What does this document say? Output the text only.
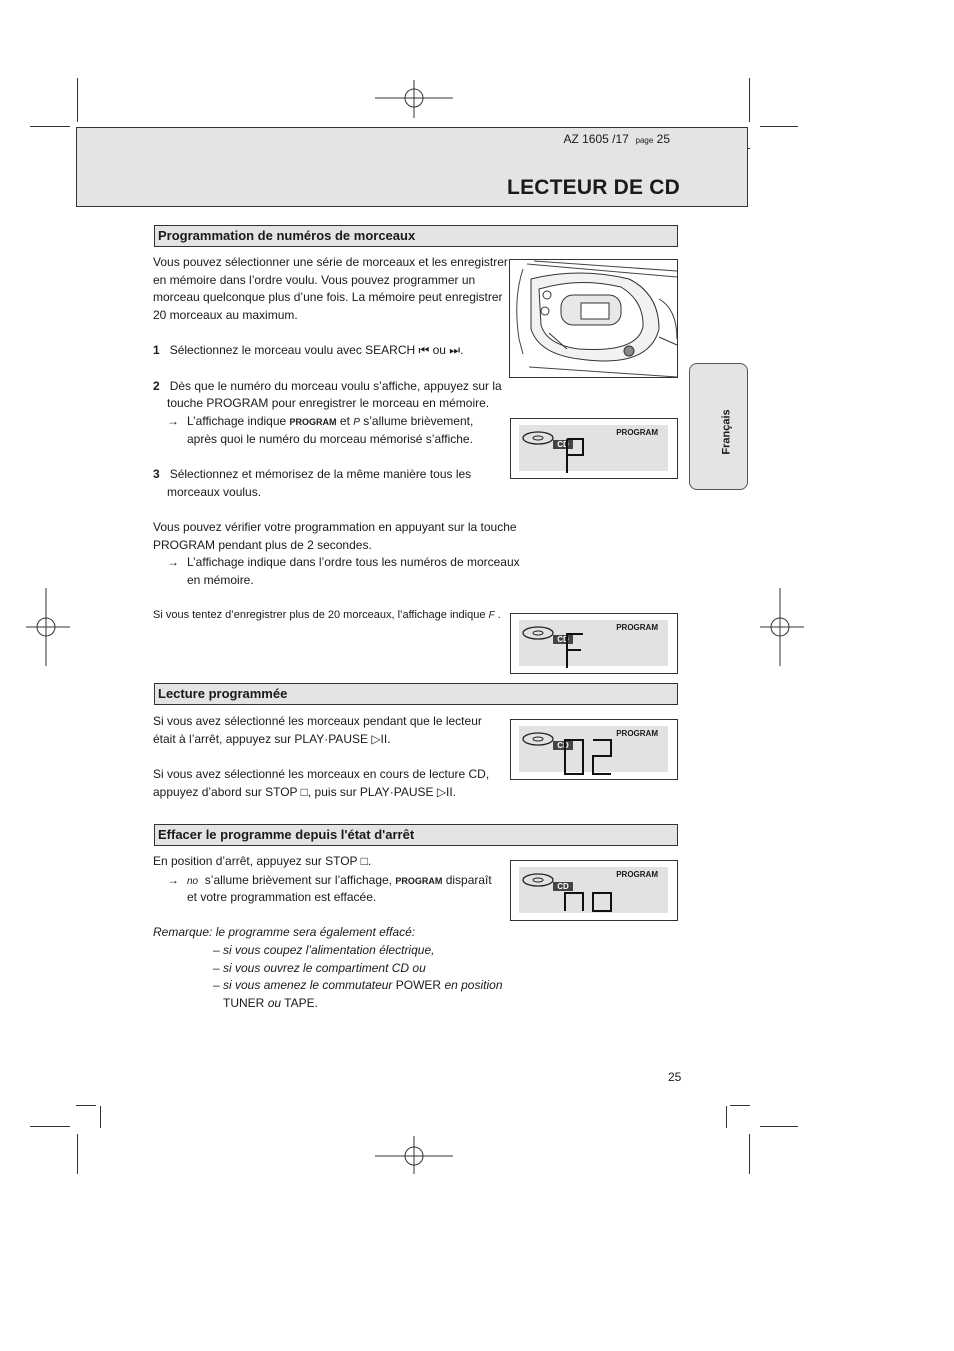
AZ 1605 /17 page 25
LECTEUR DE CD
Français
Programmation de numéros de morceaux
Vous pouvez sélectionner une série de morceaux et les enregistrer
en mémoire dans l’ordre voulu. Vous pouvez programmer un
morceau quelconque plus d’une fois. La mémoire peut enregistrer
20 morceaux au maximum.
1 Sélectionnez le morceau voulu avec SEARCH ⏮ ou ⏭.
2 Dès que le numéro du morceau voulu s’affiche, appuyez sur la
touche PROGRAM pour enregistrer le morceau en mémoire.
→ L’affichage indique PROGRAM et P s’allume brièvement,
après quoi le numéro du morceau mémorisé s’affiche.
3 Sélectionnez et mémorisez de la même manière tous les
morceaux voulus.
Vous pouvez vérifier votre programmation en appuyant sur la touche
PROGRAM pendant plus de 2 secondes.
→ L’affichage indique dans l’ordre tous les numéros de morceaux
en mémoire.
Si vous tentez d’enregistrer plus de 20 morceaux, l’affichage indique F .
CD
PROGRAM
CD
PROGRAM
Lecture programmée
Si vous avez sélectionné les morceaux pendant que le lecteur
était à l’arrêt, appuyez sur PLAY·PAUSE ▷II.
Si vous avez sélectionné les morceaux en cours de lecture CD,
appuyez d’abord sur STOP □, puis sur PLAY·PAUSE ▷II.
CD
PROGRAM
Effacer le programme depuis l'état d'arrêt
En position d’arrêt, appuyez sur STOP □.
→ no s’allume brièvement sur l’affichage, PROGRAM disparaît
et votre programmation est effacée.
Remarque: le programme sera également effacé:
– si vous coupez l’alimentation électrique,
– si vous ouvrez le compartiment CD ou
– si vous amenez le commutateur POWER en position
TUNER ou TAPE.
CD
PROGRAM
25
